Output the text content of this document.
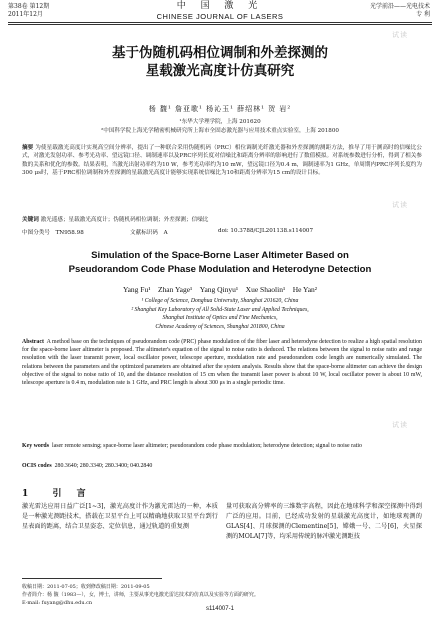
第38卷 第12期
2011年12月
中 国 激 光
CHINESE JOURNAL OF LASERS
光学前沿——光电技术
专 利
基于伪随机码相位调制和外差探测的
星载激光高度计仿真研究
杨 馥¹ 詹亚歌¹ 杨沁玉¹ 薛绍林¹ 贺 岩²
¹东华大学理学院，上海 201620
²中国科学院上海光学精密机械研究所上海市全固态激光器与应用技术重点实验室，上海 201800
摘要 为使星载激光高度计实现高空间分辨率，提出了一种联合采用伪随机码（PRC）相位调制光纤激光器和外差探测的测距方法，推导了用于测高时的信噪比公式，对激光发射功率、参考光功率、望远镜口径、调制速率以及PRC序列长度对信噪比和距离分辨率的影响进行了数值模拟。对系统参数进行分析，得到了相关参数的关系和优化的参数。结果表明，当激光出射功率约为10 W，参考光功率约为10 mW，望远镜口径为0.4 m，调制速率为1 GHz，单周期内PRC序列长度约为300 μs时，基于PRC相位调制和外差探测的星载激光高度计能够实现系统信噪比为10和距离分辨率为15 cm的设计目标。
关键词 激光遥感；星载激光高度计；伪随机码相位调制；外差探测；信噪比
中图分类号　TN958.98	文献标识码　A	doi: 10.3788/CJL201138.s114007
Simulation of the Space-Borne Laser Altimeter Based on
Pseudorandom Code Phase Modulation and Heterodyne Detection
Yang Fu¹　Zhan Yage¹　Yang Qinyu¹　Xue Shaolin¹　He Yan²
¹ College of Science, Donghua University, Shanghai 201620, China
² Shanghai Key Laboratory of All Solid-State Laser and Applied Techniques,
Shanghai Institute of Optics and Fine Mechanics,
Chinese Academy of Sciences, Shanghai 201800, China
Abstract A method base on the techniques of pseudorandom code (PRC) phase modulation of the fiber laser and heterodyne detection to realize a high spatial resolution for the space-borne laser altimeter is proposed. The altimeter's equation of the signal to noise ratio is deduced. The relations between the signal to noise ratio and range resolution with the laser transmit power, local oscillator power, telescope aperture, modulation rate and pseudorandom code length are numerically simulated. The relations between the parameters and the optimized parameters are obtained after the system analysis. Results show that the space-borne altimeter can achieve the design objective of the signal to noise ratio of 10, and the distance resolution of 15 cm when the transmit laser power is about 10 W, local oscillator power is about 10 mW, telescope aperture is 0.4 m, modulation rate is 1 GHz, and PRC length is about 300 μs in a single periodic time.
Key words laser remote sensing; space-borne laser altimeter; pseudorandom code phase modulation; heterodyne detection; signal to noise ratio
OCIS codes 280.3640; 280.3340; 280.3400; 040.2840
1 引 言
激光雷达应用日益广泛[1~3]，激光高度计作为激光雷达的一种，本质是一种激光测距技术，搭载在卫星平台上可以精确地获取卫星平台到行星表面的距离，结合卫星姿态、定位信息，通过轨道的重复测
量可获取高分辨率的三维数字高程，因此在地球科学和深空探测中得到广泛的应用。目前，已经成功发射的星载激光高度计，如地球观测的GLAS[4]、月球探测的Clementine[5]，嫦娥一号、二号[6]，火星探测的MOLA[7]等，均采用传统的脉冲激光测距技
收稿日期：2011-07-05；收到修改稿日期：2011-09-05
作者简介：杨 馥（1983—），女，博士，讲师，主要从事光电激光雷达技术的仿真以及实验等方面的研究。
E-mail: fuyang@dhu.edu.cn
s114007-1
试读
试读
试读
